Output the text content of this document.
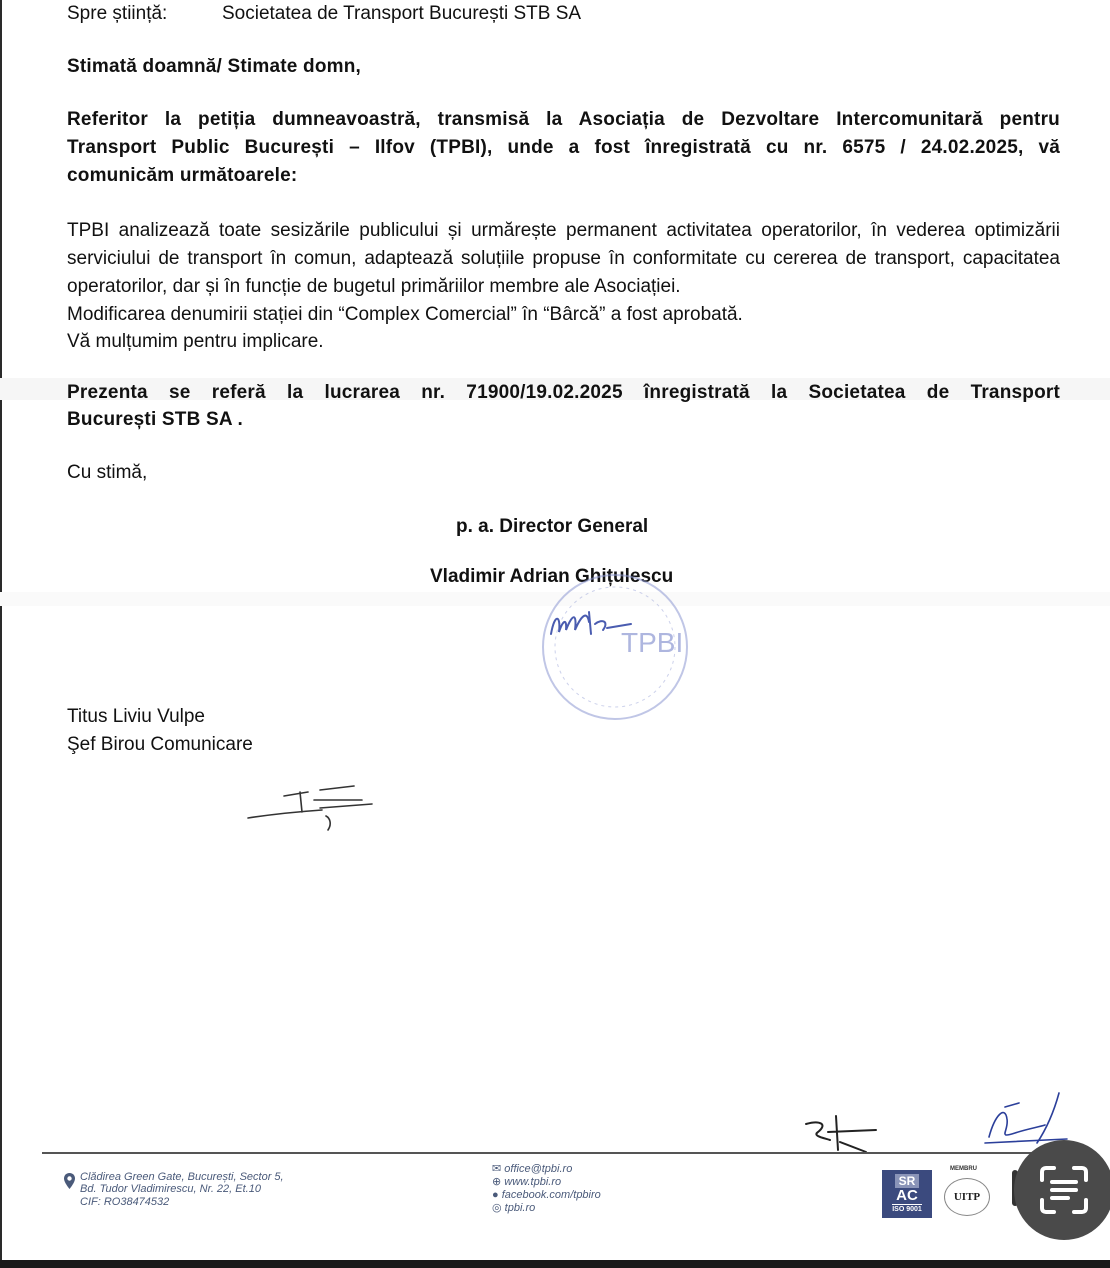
Spre știință:	Societatea de Transport București STB SA
Stimată doamnă/ Stimate domn,
Referitor la petiția dumneavoastră, transmisă la Asociația de Dezvoltare Intercomunitară pentru
Transport Public București – Ilfov (TPBI), unde a fost înregistrată cu nr. 6575 / 24.02.2025, vă
comunicăm următoarele:
TPBI analizează toate sesizările publicului și urmărește permanent activitatea operatorilor, în vederea optimizării
serviciului de transport în comun, adaptează soluțiile propuse în conformitate cu cererea de transport, capacitatea
operatorilor, dar și în funcție de bugetul primăriilor membre ale Asociației.
Modificarea denumirii stației din “Complex Comercial” în “Bârcă” a fost aprobată.
Vă mulțumim pentru implicare.
Prezenta se referă la lucrarea nr. 71900/19.02.2025 înregistrată la Societatea de Transport
București STB SA .
Cu stimă,
p. a. Director General
Vladimir Adrian Ghițulescu
TPBI
Titus Liviu Vulpe
Şef Birou Comunicare
Clădirea Green Gate, București, Sector 5,
Bd. Tudor Vladimirescu, Nr. 22, Et.10
CIF: RO38474532
✉ office@tpbi.ro
⊕ www.tpbi.ro
● facebook.com/tpbiro
◎ tpbi.ro
SR
AC
ISO 9001
MEMBRU
UITP
